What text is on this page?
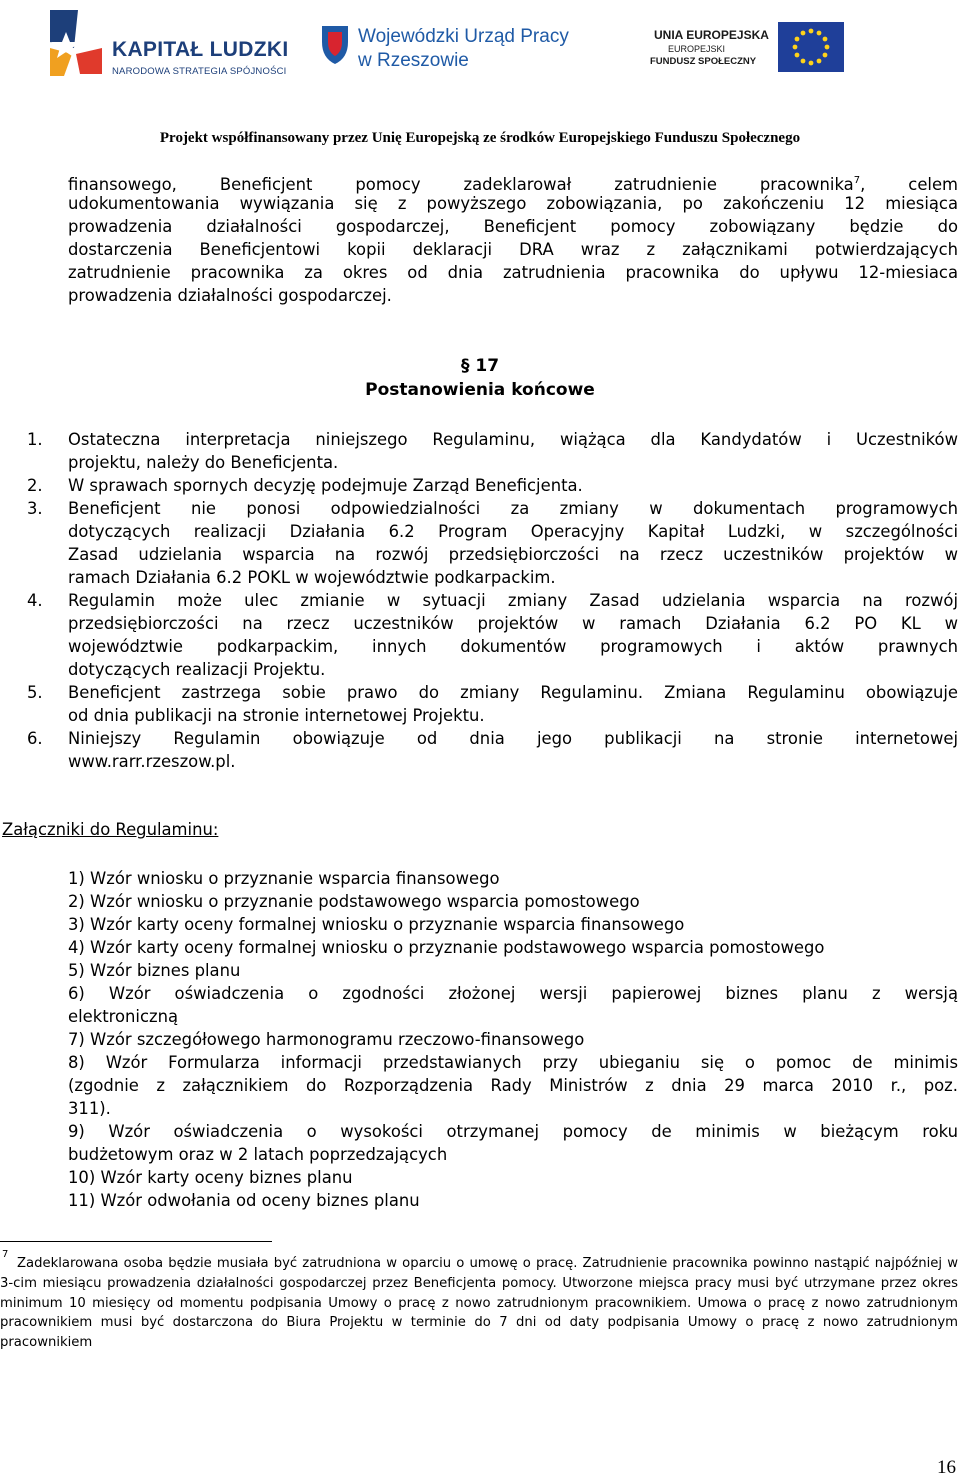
KAPITAŁ LUDZKI
NARODOWA STRATEGIA SPÓJNOŚCI
Wojewódzki Urząd Pracy
w Rzeszowie
UNIA EUROPEJSKA
EUROPEJSKI
FUNDUSZ SPOŁECZNY
Projekt współfinansowany przez Unię Europejską ze środków Europejskiego Funduszu Społecznego
finansowego, Beneficjent pomocy zadeklarował zatrudnienie pracownika$^7$, celem
udokumentowania wywiązania się z powyższego zobowiązania, po zakończeniu 12 miesiąca
prowadzenia działalności gospodarczej, Beneficjent pomocy zobowiązany będzie do
dostarczenia Beneficjentowi kopii deklaracji DRA wraz z załącznikami potwierdzających
zatrudnienie pracownika za okres od dnia zatrudnienia pracownika do upływu 12-miesiaca
prowadzenia działalności gospodarczej.
§ 17
Postanowienia końcowe
1. Ostateczna interpretacja niniejszego Regulaminu, wiążąca dla Kandydatów i Uczestników
projektu, należy do Beneficjenta.
2. W sprawach spornych decyzję podejmuje Zarząd Beneficjenta.
3. Beneficjent nie ponosi odpowiedzialności za zmiany w dokumentach programowych
dotyczących realizacji Działania 6.2 Program Operacyjny Kapitał Ludzki, w szczególności
Zasad udzielania wsparcia na rozwój przedsiębiorczości na rzecz uczestników projektów w
ramach Działania 6.2 POKL w województwie podkarpackim.
4. Regulamin może ulec zmianie w sytuacji zmiany Zasad udzielania wsparcia na rozwój
przedsiębiorczości na rzecz uczestników projektów w ramach Działania 6.2 PO KL w
województwie podkarpackim, innych dokumentów programowych i aktów prawnych
dotyczących realizacji Projektu.
5. Beneficjent zastrzega sobie prawo do zmiany Regulaminu. Zmiana Regulaminu obowiązuje
od dnia publikacji na stronie internetowej Projektu.
6. Niniejszy Regulamin obowiązuje od dnia jego publikacji na stronie internetowej
www.rarr.rzeszow.pl.
Załączniki do Regulaminu:
1) Wzór wniosku o przyznanie wsparcia finansowego
2) Wzór wniosku o przyznanie podstawowego wsparcia pomostowego
3) Wzór karty oceny formalnej wniosku o przyznanie wsparcia finansowego
4) Wzór karty oceny formalnej wniosku o przyznanie podstawowego wsparcia pomostowego
5) Wzór biznes planu
6) Wzór oświadczenia o zgodności złożonej wersji papierowej biznes planu z wersją
elektroniczną
7) Wzór szczegółowego harmonogramu rzeczowo-finansowego
8) Wzór Formularza informacji przedstawianych przy ubieganiu się o pomoc de minimis
(zgodnie z załącznikiem do Rozporządzenia Rady Ministrów z dnia 29 marca 2010 r., poz.
311).
9) Wzór oświadczenia o wysokości otrzymanej pomocy de minimis w bieżącym roku
budżetowym oraz w 2 latach poprzedzających
10) Wzór karty oceny biznes planu
11) Wzór odwołania od oceny biznes planu
7
Zadeklarowana osoba będzie musiała być zatrudniona w oparciu o umowę o pracę. Zatrudnienie pracownika powinno nastąpić najpóźniej w 3-cim miesiącu prowadzenia działalności gospodarczej przez Beneficjenta pomocy. Utworzone miejsca pracy musi być utrzymane przez okres minimum 10 miesięcy od momentu podpisania Umowy o pracę z nowo zatrudnionym pracownikiem. Umowa o pracę z nowo zatrudnionym pracownikiem musi być dostarczona do Biura Projektu w terminie do 7 dni od daty podpisania Umowy o pracę z nowo zatrudnionym pracownikiem
16
